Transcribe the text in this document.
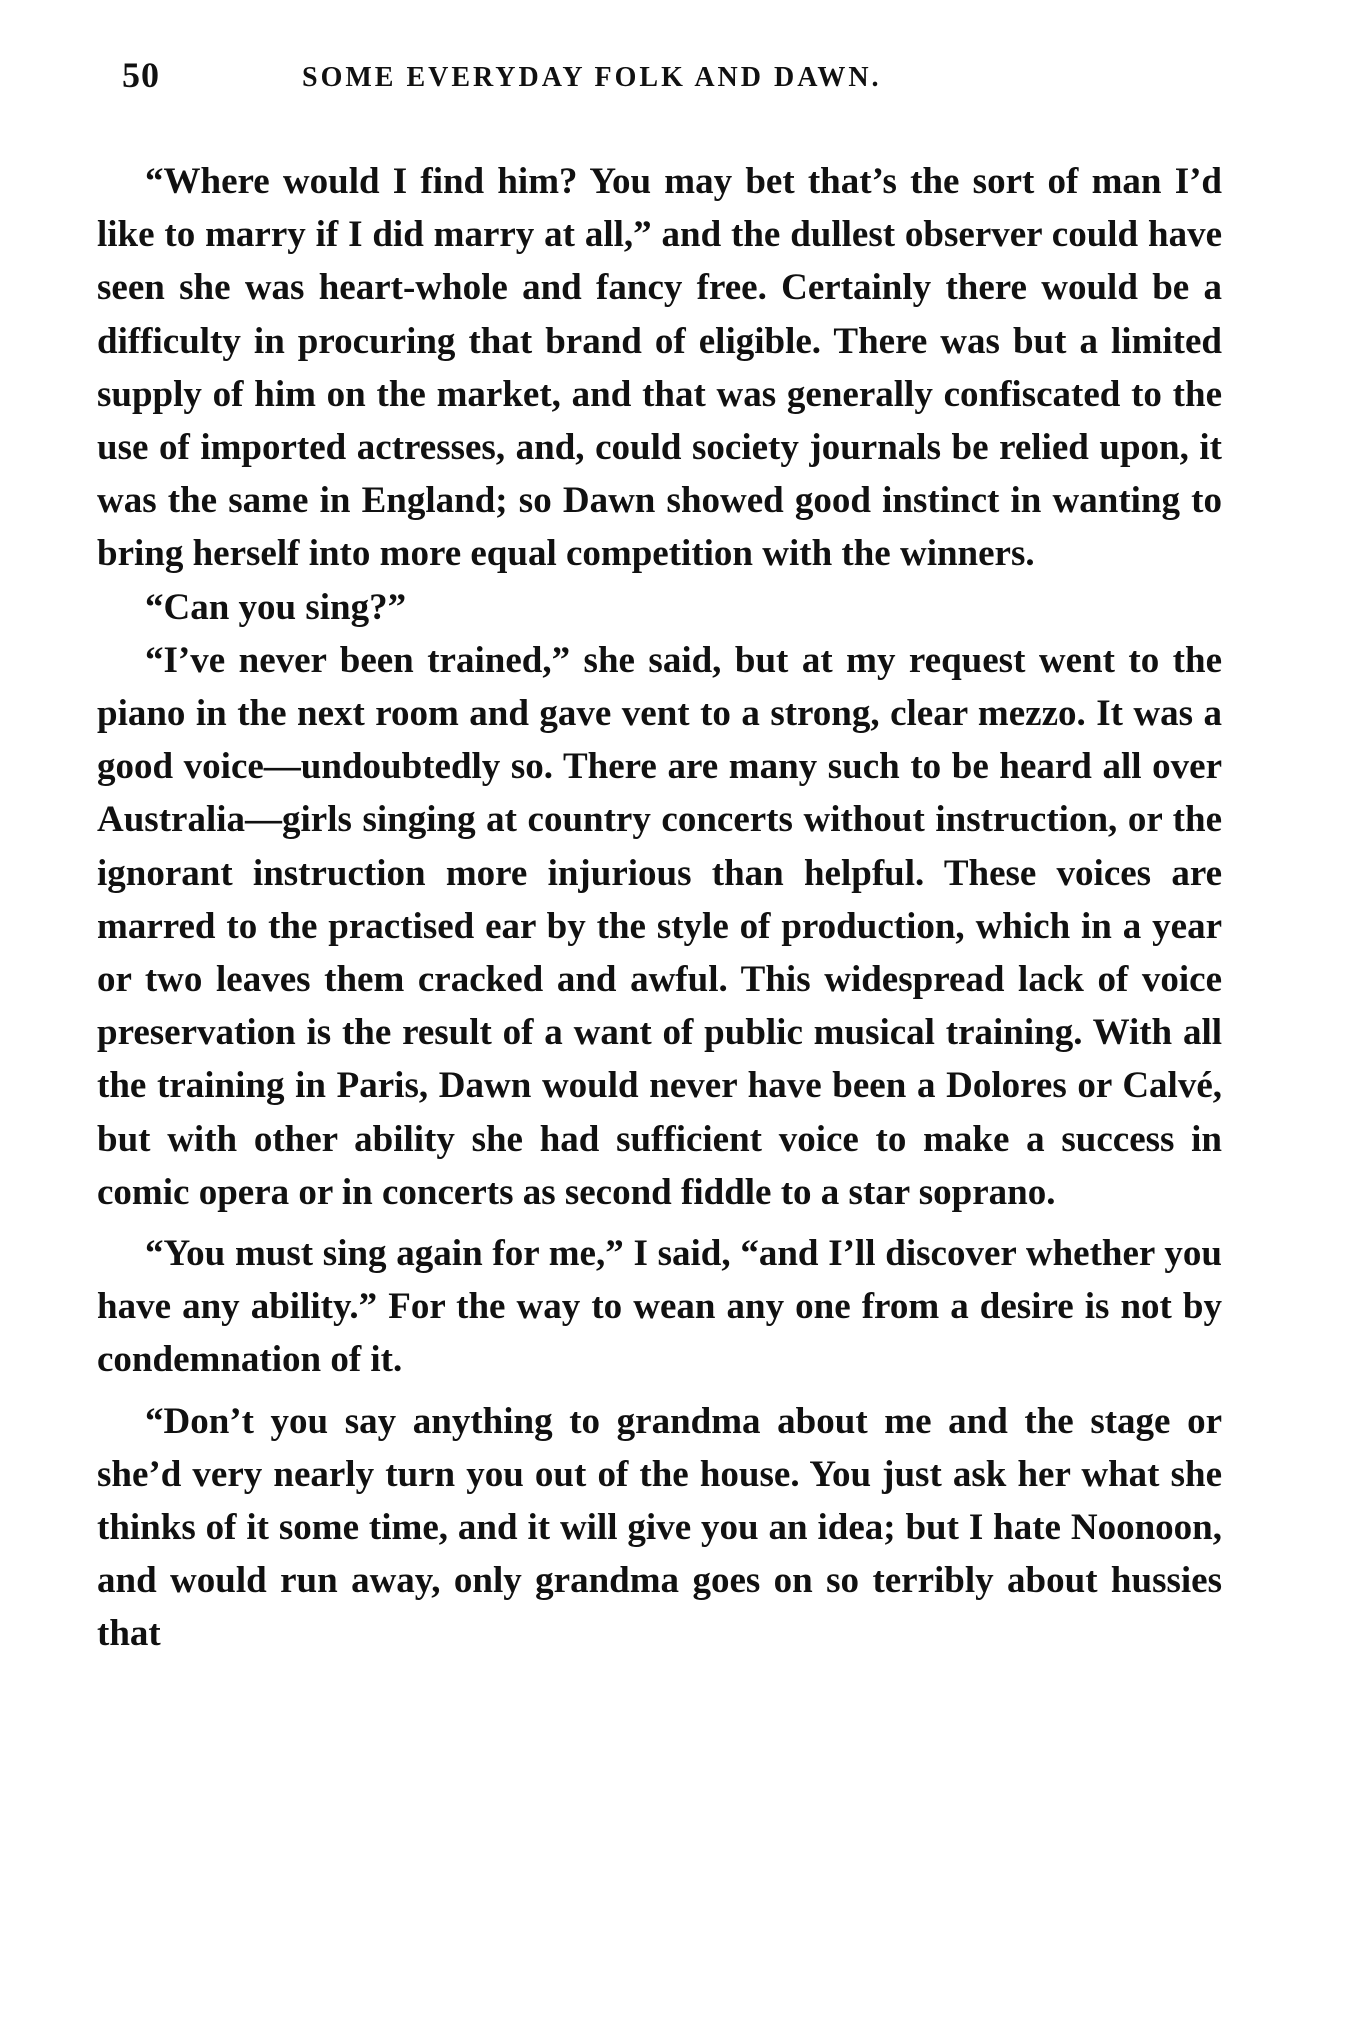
50	SOME EVERYDAY FOLK AND DAWN.

“Where would I find him? You may bet that’s the sort of man I’d like to marry if I did marry at all,” and the dullest observer could have seen she was heart-whole and fancy free. Certainly there would be a difficulty in procuring that brand of eligible. There was but a limited supply of him on the market, and that was generally confiscated to the use of imported actresses, and, could society journals be relied upon, it was the same in England; so Dawn showed good instinct in wanting to bring herself into more equal competition with the winners.

“Can you sing?”

“I’ve never been trained,” she said, but at my request went to the piano in the next room and gave vent to a strong, clear mezzo. It was a good voice—undoubtedly so. There are many such to be heard all over Australia—girls singing at country concerts without instruction, or the ignorant instruction more injurious than helpful. These voices are marred to the practised ear by the style of production, which in a year or two leaves them cracked and awful. This widespread lack of voice preservation is the result of a want of public musical training. With all the training in Paris, Dawn would never have been a Dolores or Calvé, but with other ability she had sufficient voice to make a success in comic opera or in concerts as second fiddle to a star soprano.

“You must sing again for me,” I said, “and I’ll discover whether you have any ability.” For the way to wean any one from a desire is not by condemnation of it.

“Don’t you say anything to grandma about me and the stage or she’d very nearly turn you out of the house. You just ask her what she thinks of it some time, and it will give you an idea; but I hate Noonoon, and would run away, only grandma goes on so terribly about hussies that
